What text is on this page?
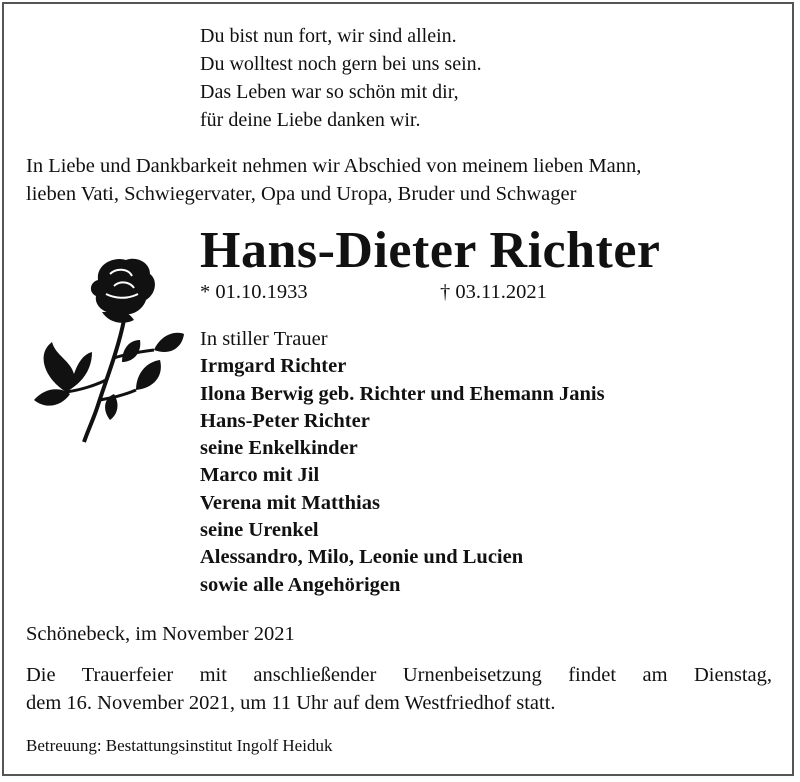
Du bist nun fort, wir sind allein.
Du wolltest noch gern bei uns sein.
Das Leben war so schön mit dir,
für deine Liebe danken wir.
In Liebe und Dankbarkeit nehmen wir Abschied von meinem lieben Mann,
lieben Vati, Schwiegervater, Opa und Uropa, Bruder und Schwager
Hans-Dieter Richter
* 01.10.1933	† 03.11.2021
In stiller Trauer
Irmgard Richter
Ilona Berwig geb. Richter und Ehemann Janis
Hans-Peter Richter
seine Enkelkinder
Marco mit Jil
Verena mit Matthias
seine Urenkel
Alessandro, Milo, Leonie und Lucien
sowie alle Angehörigen
Schönebeck, im November 2021
Die Trauerfeier mit anschließender Urnenbeisetzung findet am Dienstag,
dem 16. November 2021, um 11 Uhr auf dem Westfriedhof statt.
Betreuung: Bestattungsinstitut Ingolf Heiduk
